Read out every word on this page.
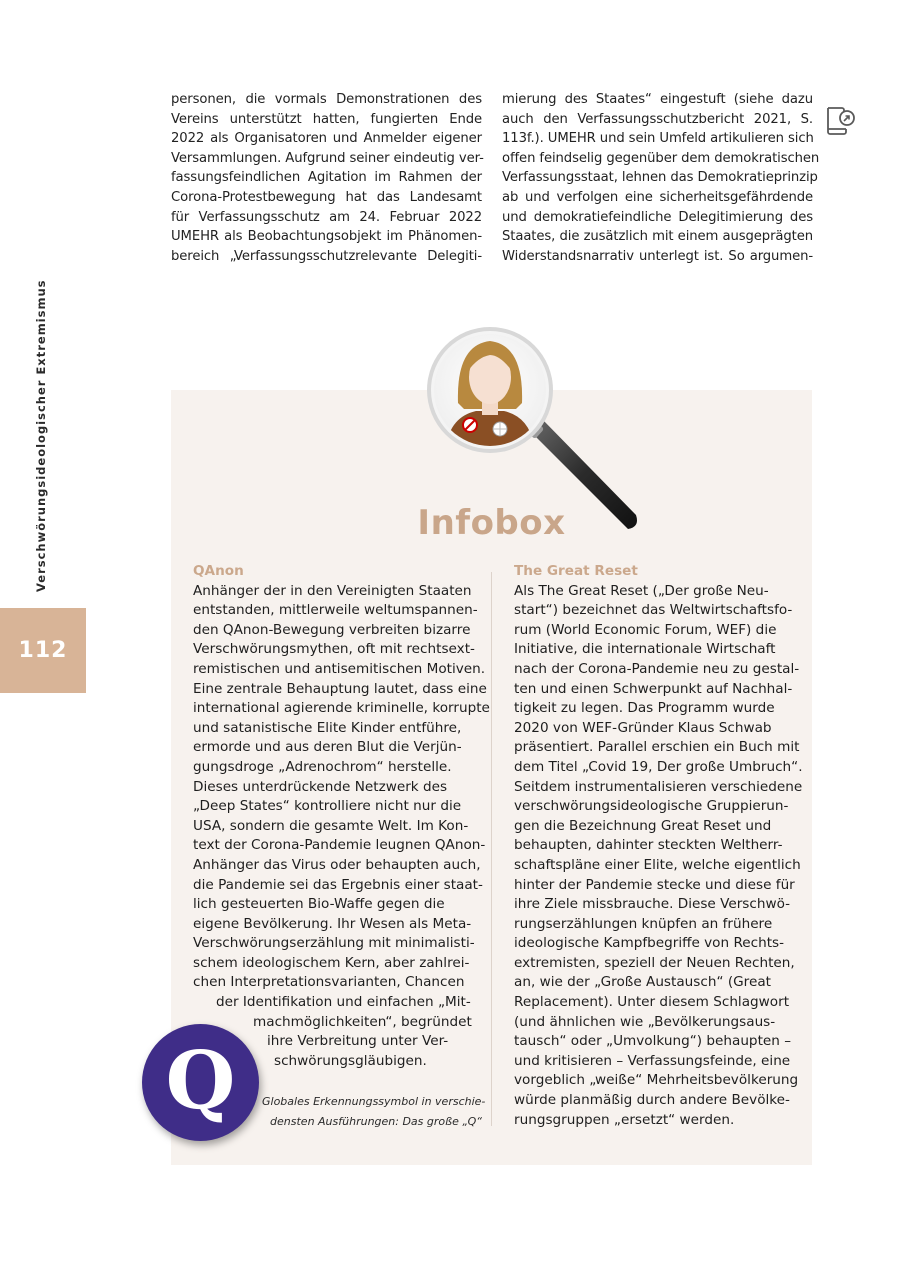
Verschwörungsideologischer Extremismus
112

personen, die vormals Demonstrationen des

Vereins unterstützt hatten, fungierten Ende

2022 als Organisatoren und Anmelder eigener

Versammlungen. Aufgrund seiner eindeutig ver-

fassungsfeindlichen Agitation im Rahmen der

Corona-Protestbewegung hat das Landesamt

für Verfassungsschutz am 24. Februar 2022

UMEHR als Beobachtungsobjekt im Phänomen-

bereich „Verfassungsschutzrelevante Delegiti-

mierung des Staates“ eingestuft (siehe dazu

auch den Verfassungsschutzbericht 2021, S.

113f.). UMEHR und sein Umfeld artikulieren sich

offen feindselig gegenüber dem demokratischen

Verfassungsstaat, lehnen das Demokratieprinzip

ab und verfolgen eine sicherheitsgefährdende

und demokratiefeindliche Delegitimierung des

Staates, die zusätzlich mit einem ausgeprägten

Widerstandsnarrativ unterlegt ist. So argumen-

Infobox
QAnon

Anhänger der in den Vereinigten Staaten

entstanden, mittlerweile weltumspannen-

den QAnon-Bewegung verbreiten bizarre

Verschwörungsmythen, oft mit rechtsext-

remistischen und antisemitischen Motiven.

Eine zentrale Behauptung lautet, dass eine

international agierende kriminelle, korrupte

und satanistische Elite Kinder entführe,

ermorde und aus deren Blut die Verjün-

gungsdroge „Adrenochrom“ herstelle.

Dieses unterdrückende Netzwerk des

„Deep States“ kontrolliere nicht nur die

USA, sondern die gesamte Welt. Im Kon-

text der Corona-Pandemie leugnen QAnon-

Anhänger das Virus oder behaupten auch,

die Pandemie sei das Ergebnis einer staat-

lich gesteuerten Bio-Waffe gegen die

eigene Bevölkerung. Ihr Wesen als Meta-

Verschwörungserzählung mit minimalisti-

schem ideologischem Kern, aber zahlrei-

chen Interpretationsvarianten, Chancen

der Identifikation und einfachen „Mit-

machmöglichkeiten“, begründet

ihre Verbreitung unter Ver-

schwörungsgläubigen.

Q	Globales Erkennungssymbol in verschie-

densten Ausführungen: Das große „Q“

The Great Reset

Als The Great Reset („Der große Neu-

start“) bezeichnet das Weltwirtschaftsfo-

rum (World Economic Forum, WEF) die

Initiative, die internationale Wirtschaft

nach der Corona-Pandemie neu zu gestal-

ten und einen Schwerpunkt auf Nachhal-

tigkeit zu legen. Das Programm wurde

2020 von WEF-Gründer Klaus Schwab

präsentiert. Parallel erschien ein Buch mit

dem Titel „Covid 19, Der große Umbruch“.

Seitdem instrumentalisieren verschiedene

verschwörungsideologische Gruppierun-

gen die Bezeichnung Great Reset und

behaupten, dahinter steckten Weltherr-

schaftspläne einer Elite, welche eigentlich

hinter der Pandemie stecke und diese für

ihre Ziele missbrauche. Diese Verschwö-

rungserzählungen knüpfen an frühere

ideologische Kampfbegriffe von Rechts-

extremisten, speziell der Neuen Rechten,

an, wie der „Große Austausch“ (Great

Replacement). Unter diesem Schlagwort

(und ähnlichen wie „Bevölkerungsaus-

tausch“ oder „Umvolkung“) behaupten –

und kritisieren – Verfassungsfeinde, eine

vorgeblich „weiße“ Mehrheitsbevölkerung

würde planmäßig durch andere Bevölke-

rungsgruppen „ersetzt“ werden.
